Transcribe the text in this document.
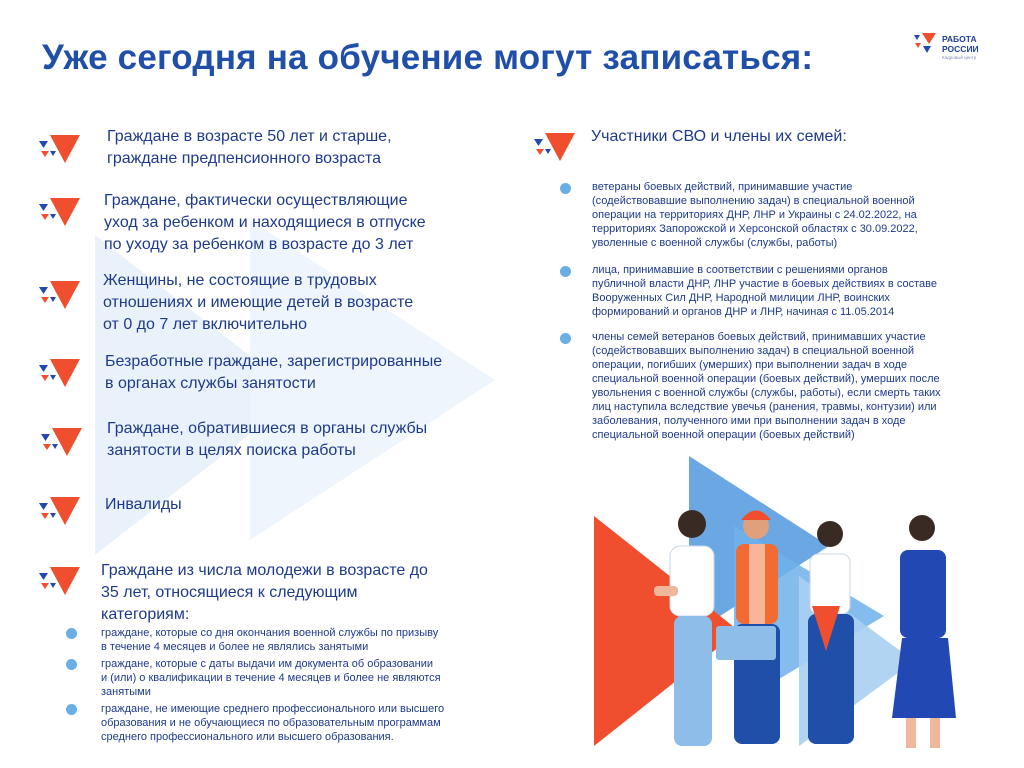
Уже сегодня на обучение могут записаться:	РАБОТА
РОССИИ
Кадровый центр
Граждане в возрасте 50 лет и старше,
граждане предпенсионного возраста
Граждане, фактически осуществляющие
уход за ребенком и находящиеся в отпуске
по уходу за ребенком в возрасте до 3 лет
Женщины, не состоящие в трудовых
отношениях и имеющие детей в возрасте
от 0 до 7 лет включительно
Безработные граждане, зарегистрированные
в органах службы занятости
Граждане, обратившиеся в органы службы
занятости в целях поиска работы
Инвалиды
Граждане из числа молодежи в возрасте до
35 лет, относящиеся к следующим
категориям:
граждане, которые со дня окончания военной службы по призыву
в течение 4 месяцев и более не являлись занятыми
граждане, которые с даты выдачи им документа об образовании
и (или) о квалификации в течение 4 месяцев и более не являются
занятыми
граждане, не имеющие среднего профессионального или высшего
образования и не обучающиеся по образовательным программам
среднего профессионального или высшего образования.
Участники СВО и члены их семей:
ветераны боевых действий, принимавшие участие
(содействовавшие выполнению задач) в специальной военной
операции на территориях ДНР, ЛНР и Украины с 24.02.2022, на
территориях Запорожской и Херсонской областях с 30.09.2022,
уволенные с военной службы (службы, работы)
лица, принимавшие в соответствии с решениями органов
публичной власти ДНР, ЛНР участие в боевых действиях в составе
Вооруженных Сил ДНР, Народной милиции ЛНР, воинских
формирований и органов ДНР и ЛНР, начиная с 11.05.2014
члены семей ветеранов боевых действий, принимавших участие
(содействовавших выполнению задач) в специальной военной
операции, погибших (умерших) при выполнении задач в ходе
специальной военной операции (боевых действий), умерших после
увольнения с военной службы (службы, работы), если смерть таких
лиц наступила вследствие увечья (ранения, травмы, контузии) или
заболевания, полученного ими при выполнении задач в ходе
специальной военной операции (боевых действий)
